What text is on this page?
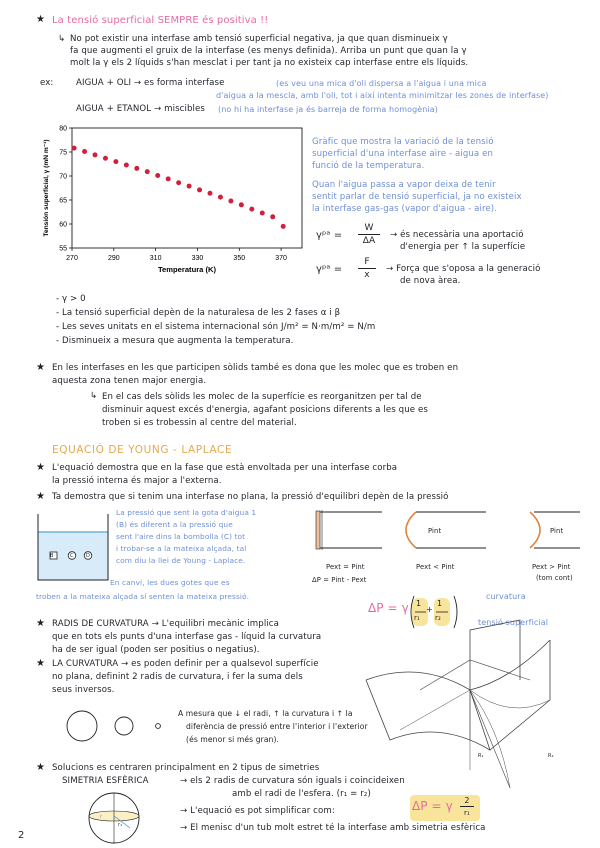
★ La tensió superficial SEMPRE és positiva !!
↳ No pot existir una interfase amb tensió superficial negativa, ja que quan disminueix γ
fa que augmenti el gruix de la interfase (es menys definida). Arriba un punt que quan la γ
molt la γ els 2 líquids s'han mesclat i per tant ja no existeix cap interfase entre els líquids.
ex:	AIGUA + OLI → es forma interfase	(es veu una mica d'oli dispersa a l'aigua i una mica
d'aigua a la mescla, amb l'oli, tot i així intenta minimitzar les zones de interfase)
AIGUA + ETANOL → miscibles (no hi ha interfase ja és barreja de forma homogènia)
270	290	310	330	350	370
55
60
65
70
75
80
Temperatura (K)
Tensión superficial, γ (mN m⁻¹)	Gràfic que mostra la variació de la tensió
superficial d'una interfase aire - aigua en
funció de la temperatura.
Quan l'aigua passa a vapor deixa de tenir
sentit parlar de tensió superficial, ja no existeix
la interfase gas-gas (vapor d'aigua - aire).
γᵖᵃ =
W
ΔA
→ és necessària una aportació
d'energia per ↑ la superfície
γᵖᵃ =
F
x
→ Força que s'oposa a la generació
de nova àrea.
- γ > 0
- La tensió superficial depèn de la naturalesa de les 2 fases α i β
- Les seves unitats en el sistema internacional són J/m² = N·m/m² = N/m
- Disminueix a mesura que augmenta la temperatura.
★ En les interfases en les que participen sòlids també es dona que les molec que es troben en
aquesta zona tenen major energia.
↳ En el cas dels sòlids les molec de la superfície es reorganitzen per tal de
disminuir aquest excés d'energia, agafant posicions diferents a les que es
troben si es trobessin al centre del material.
EQUACIÓ DE YOUNG - LAPLACE
★ L'equació demostra que en la fase que està envoltada per una interfase corba
la pressió interna és major a l'externa.
★ Ta demostra que si tenim una interfase no plana, la pressió d'equilibri depèn de la pressió
B	C D
La pressió que sent la gota d'aigua 1
(B) és diferent a la pressió que
sent l'aire dins la bombolla (C) tot
i trobar-se a la mateixa alçada, tal
com diu la llei de Young - Laplace.
En canvi, les dues gotes que es
troben a la mateixa alçada sí senten la mateixa pressió.
Pint	Pint
Pext = Pint
ΔP = Pint - Pext
Pext < Pint	Pext > Pint
(tom cont)
ΔP = γ 1
r₁
1
r₂
+
curvatura
tensió superficial
★ RADIS DE CURVATURA → L'equilibri mecànic implica
que en tots els punts d'una interfase gas - líquid la curvatura
ha de ser igual (poden ser positius o negatius).
★ LA CURVATURA → es poden definir per a qualsevol superfície
no plana, definint 2 radis de curvatura, i fer la suma dels
seus inversos.
A mesura que ↓ el radi, ↑ la curvatura i ↑ la
diferència de pressió entre l'interior i l'exterior
(és menor si més gran).
R₁	R₂
★ Solucions es centraren principalment en 2 tipus de simetries
SIMETRIA ESFÈRICA	→ els 2 radis de curvatura són iguals i coincideixen
amb el radi de l'esfera. (r₁ = r₂)
→ L'equació es pot simplificar com:
→ El menisc d'un tub molt estret té la interfase amb simetria esfèrica
r
r₁
ΔP = γ	2
r₁
2
